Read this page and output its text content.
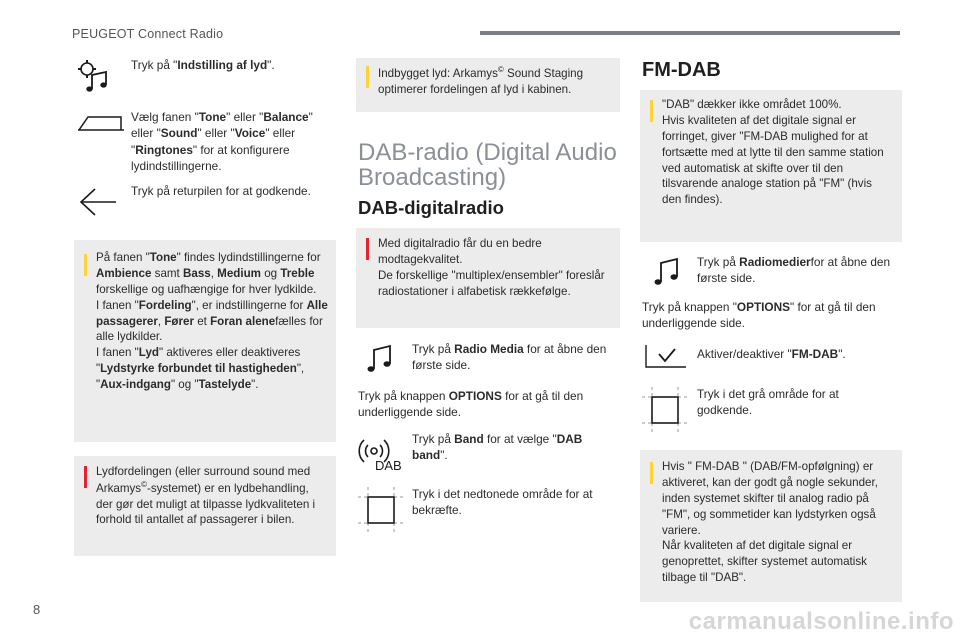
PEUGEOT Connect Radio
Tryk på "Indstilling af lyd".
Vælg fanen "Tone" eller "Balance" eller "Sound" eller "Voice" eller "Ringtones" for at konfigurere lydindstillingerne.
Tryk på returpilen for at godkende.
På fanen "Tone" findes lydindstillingerne for Ambience samt Bass, Medium og Treble forskellige og uafhængige for hver lydkilde.
I fanen "Fordeling", er indstillingerne for Alle passagerer, Fører et Foran alenefælles for alle lydkilder.
I fanen "Lyd" aktiveres eller deaktiveres "Lydstyrke forbundet til hastigheden", "Aux-indgang" og "Tastelyde".
Lydfordelingen (eller surround sound med Arkamys©-systemet) er en lydbehandling, der gør det muligt at tilpasse lydkvaliteten i forhold til antallet af passagerer i bilen.
Indbygget lyd: Arkamys© Sound Staging optimerer fordelingen af lyd i kabinen.
DAB-radio (Digital Audio Broadcasting)
DAB-digitalradio
Med digitalradio får du en bedre modtagekvalitet.
De forskellige "multiplex/ensembler" foreslår radiostationer i alfabetisk rækkefølge.
Tryk på Radio Media for at åbne den første side.
Tryk på knappen OPTIONS for at gå til den underliggende side.
DAB
Tryk på Band for at vælge "DAB band".
Tryk i det nedtonede område for at bekræfte.
FM-DAB
"DAB" dækker ikke området 100%.
Hvis kvaliteten af det digitale signal er forringet, giver "FM-DAB mulighed for at fortsætte med at lytte til den samme station ved automatisk at skifte over til den tilsvarende analoge station på "FM" (hvis den findes).
Tryk på Radiomedierfor at åbne den første side.
Tryk på knappen "OPTIONS" for at gå til den underliggende side.
Aktiver/deaktiver "FM-DAB".
Tryk i det grå område for at godkende.
Hvis " FM-DAB " (DAB/FM-opfølgning) er aktiveret, kan der godt gå nogle sekunder, inden systemet skifter til analog radio på "FM", og sommetider kan lydstyrken også variere.
Når kvaliteten af det digitale signal er genoprettet, skifter systemet automatisk tilbage til "DAB".
8	carmanualsonline.info
